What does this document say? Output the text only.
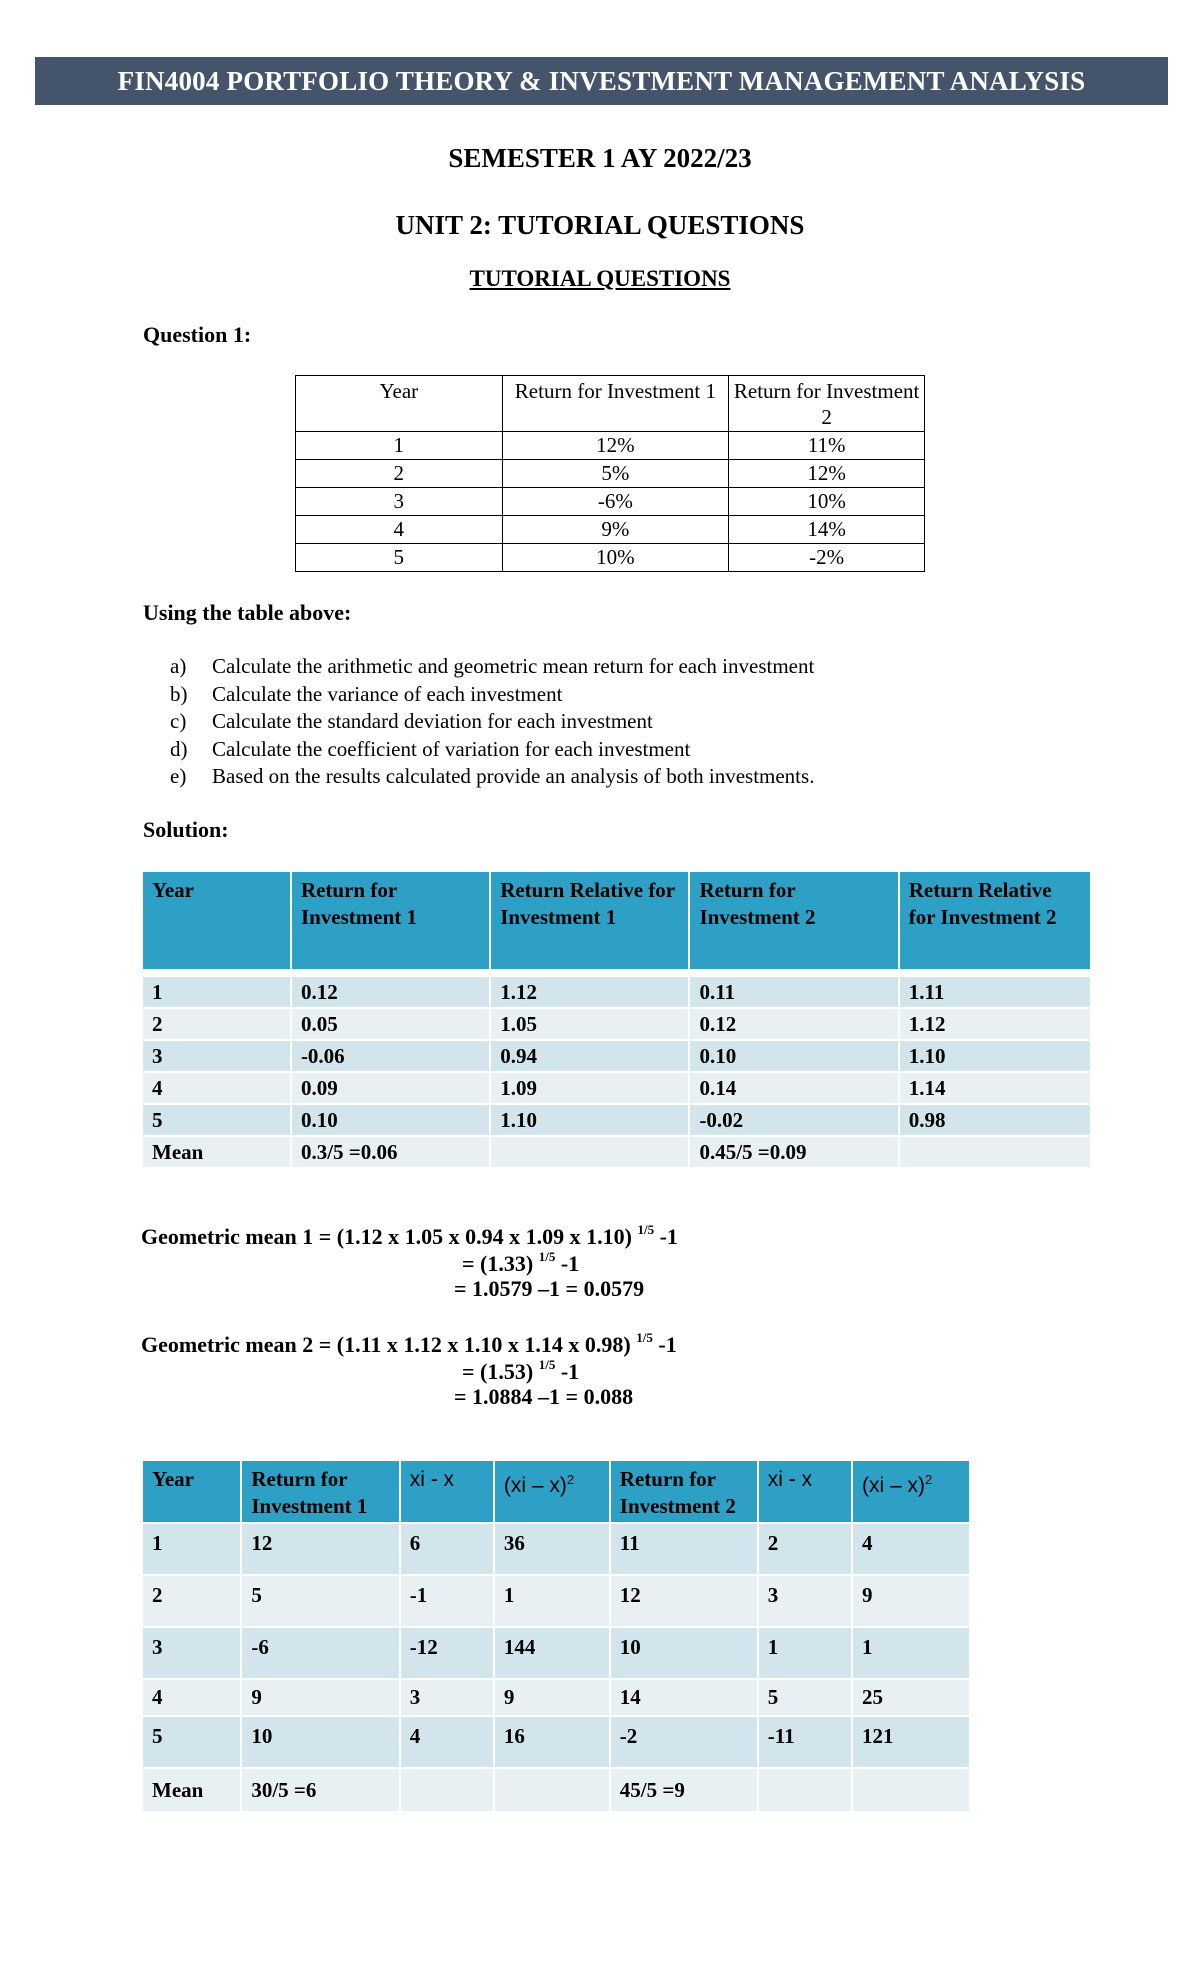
FIN4004 PORTFOLIO THEORY & INVESTMENT MANAGEMENT ANALYSIS
SEMESTER 1 AY 2022/23
UNIT 2: TUTORIAL QUESTIONS
TUTORIAL QUESTIONS
Question 1:
Year	Return for Investment 1	Return for Investment 2
1	12%	11%
2	5%	12%
3	-6%	10%
4	9%	14%
5	10%	-2%
Using the table above:
a)	Calculate the arithmetic and geometric mean return for each investment
b)	Calculate the variance of each investment
c)	Calculate the standard deviation for each investment
d)	Calculate the coefficient of variation for each investment
e)	Based on the results calculated provide an analysis of both investments.
Solution:
Year	Return for Investment 1	Return Relative for Investment 1	Return for Investment 2	Return Relative for Investment 2

1	0.12	1.12	0.11	1.11
2	0.05	1.05	0.12	1.12
3	-0.06	0.94	0.10	1.10
4	0.09	1.09	0.14	1.14
5	0.10	1.10	-0.02	0.98
Mean	0.3/5 =0.06		0.45/5 =0.09	
Geometric mean 1 = (1.12 x 1.05 x 0.94 x 1.09 x 1.10) $^{1/5}$ -1
= (1.33) $^{1/5}$ -1
= 1.0579 –1 = 0.0579
Geometric mean 2 = (1.11 x 1.12 x 1.10 x 1.14 x 0.98) $^{1/5}$ -1
= (1.53) $^{1/5}$ -1
= 1.0884 –1 = 0.088
Year	Return for Investment 1	xi - x	(xi – x)$^2$	Return for Investment 2	xi - x	(xi – x)$^2$
1	12	6	36	11	2	4
2	5	-1	1	12	3	9
3	-6	-12	144	10	1	1
4	9	3	9	14	5	25
5	10	4	16	-2	-11	121
Mean	30/5 =6			45/5 =9		
